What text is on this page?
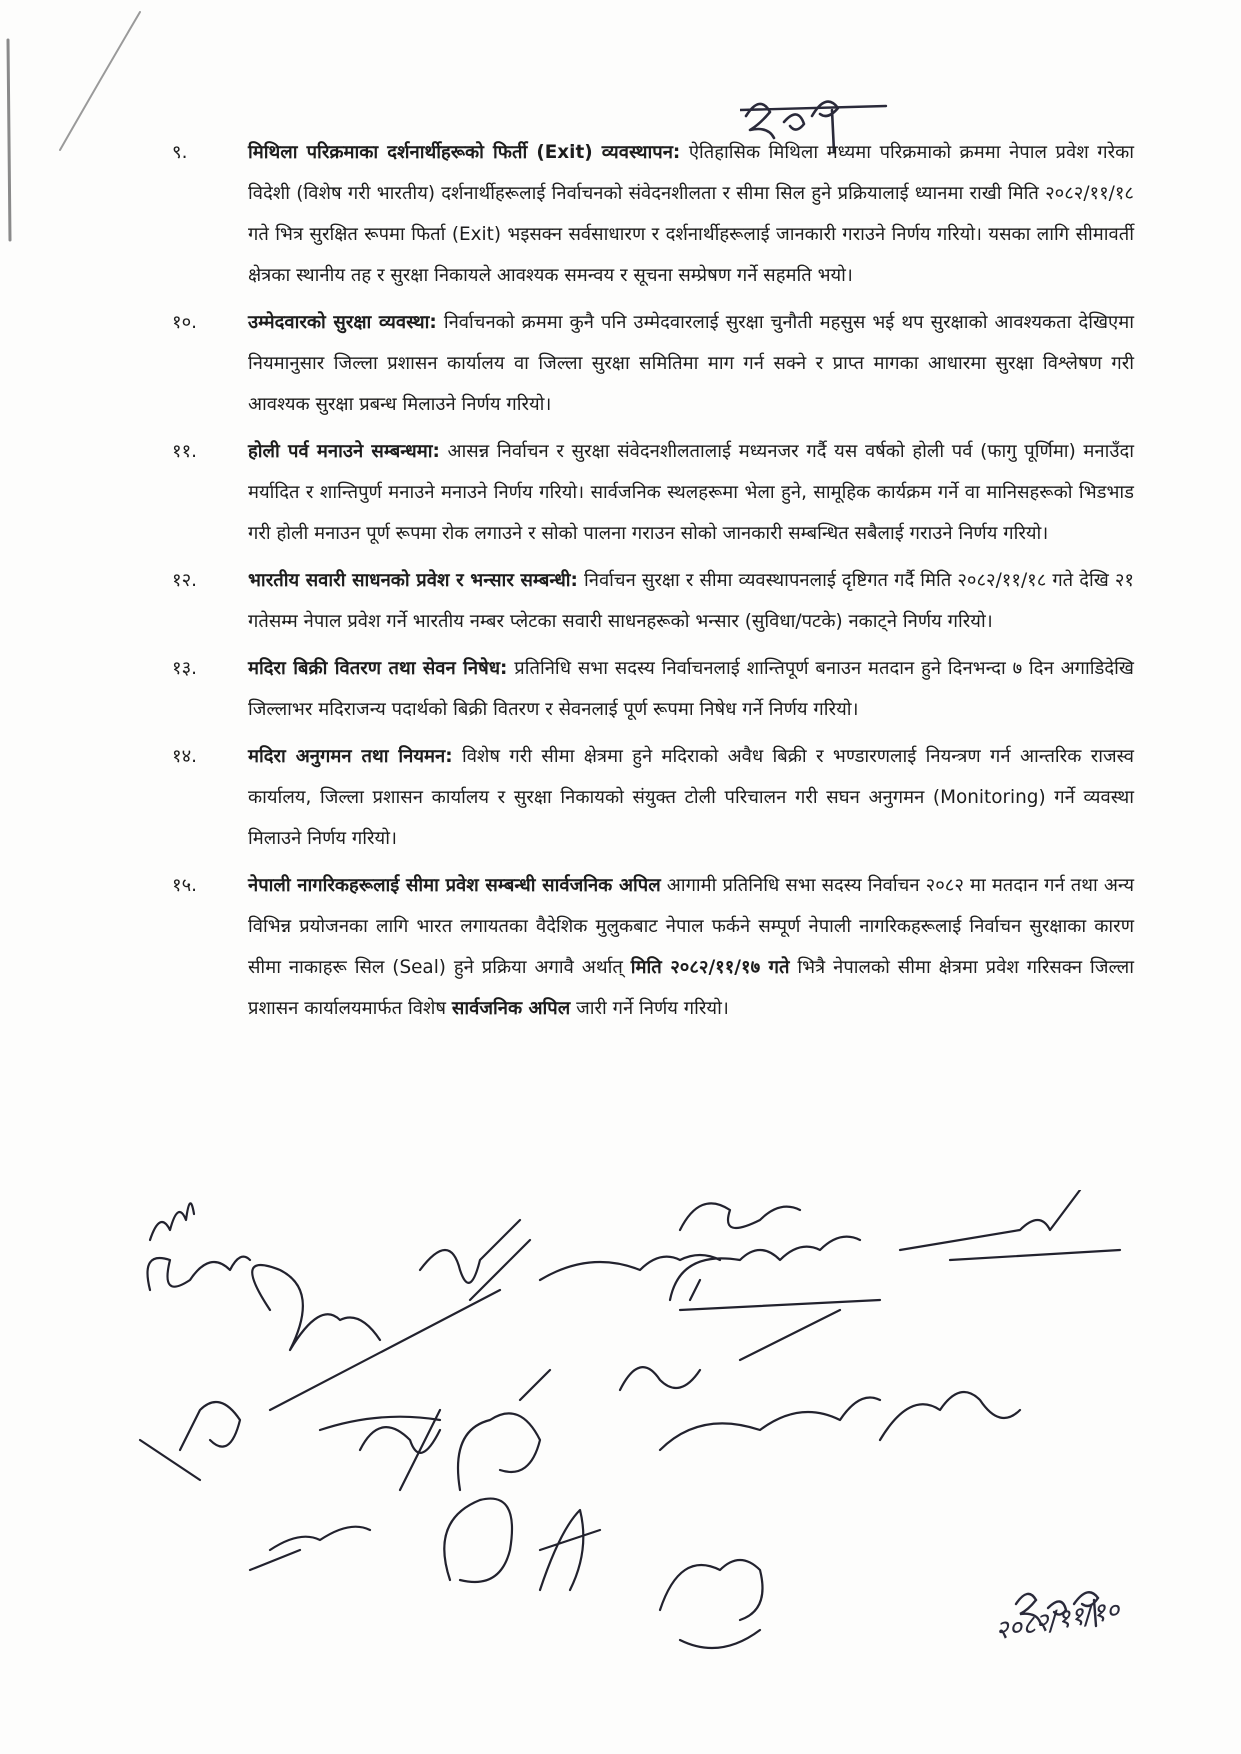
९.	मिथिला परिक्रमाका दर्शनार्थीहरूको फिर्ती (Exit) व्यवस्थापन: ऐतिहासिक मिथिला मध्यमा परिक्रमाको क्रममा नेपाल प्रवेश गरेका विदेशी (विशेष गरी भारतीय) दर्शनार्थीहरूलाई निर्वाचनको संवेदनशीलता र सीमा सिल हुने प्रक्रियालाई ध्यानमा राखी मिति २०८२/११/१८ गते भित्र सुरक्षित रूपमा फिर्ता (Exit) भइसक्न सर्वसाधारण र दर्शनार्थीहरूलाई जानकारी गराउने निर्णय गरियो। यसका लागि सीमावर्ती क्षेत्रका स्थानीय तह र सुरक्षा निकायले आवश्यक समन्वय र सूचना सम्प्रेषण गर्ने सहमति भयो।
१०.	उम्मेदवारको सुरक्षा व्यवस्था: निर्वाचनको क्रममा कुनै पनि उम्मेदवारलाई सुरक्षा चुनौती महसुस भई थप सुरक्षाको आवश्यकता देखिएमा नियमानुसार जिल्ला प्रशासन कार्यालय वा जिल्ला सुरक्षा समितिमा माग गर्न सक्ने र प्राप्त मागका आधारमा सुरक्षा विश्लेषण गरी आवश्यक सुरक्षा प्रबन्ध मिलाउने निर्णय गरियो।
११.	होली पर्व मनाउने सम्बन्धमा: आसन्न निर्वाचन र सुरक्षा संवेदनशीलतालाई मध्यनजर गर्दै यस वर्षको होली पर्व (फागु पूर्णिमा) मनाउँदा मर्यादित र शान्तिपुर्ण मनाउने मनाउने निर्णय गरियो। सार्वजनिक स्थलहरूमा भेला हुने, सामूहिक कार्यक्रम गर्ने वा मानिसहरूको भिडभाड गरी होली मनाउन पूर्ण रूपमा रोक लगाउने र सोको पालना गराउन सोको जानकारी सम्बन्धित सबैलाई गराउने निर्णय गरियो।
१२.	भारतीय सवारी साधनको प्रवेश र भन्सार सम्बन्धी: निर्वाचन सुरक्षा र सीमा व्यवस्थापनलाई दृष्टिगत गर्दै मिति २०८२/११/१८ गते देखि २१ गतेसम्म नेपाल प्रवेश गर्ने भारतीय नम्बर प्लेटका सवारी साधनहरूको भन्सार (सुविधा/पटके) नकाट्ने निर्णय गरियो।
१३.	मदिरा बिक्री वितरण तथा सेवन निषेध: प्रतिनिधि सभा सदस्य निर्वाचनलाई शान्तिपूर्ण बनाउन मतदान हुने दिनभन्दा ७ दिन अगाडिदेखि जिल्लाभर मदिराजन्य पदार्थको बिक्री वितरण र सेवनलाई पूर्ण रूपमा निषेध गर्ने निर्णय गरियो।
१४.	मदिरा अनुगमन तथा नियमन: विशेष गरी सीमा क्षेत्रमा हुने मदिराको अवैध बिक्री र भण्डारणलाई नियन्त्रण गर्न आन्तरिक राजस्व कार्यालय, जिल्ला प्रशासन कार्यालय र सुरक्षा निकायको संयुक्त टोली परिचालन गरी सघन अनुगमन (Monitoring) गर्ने व्यवस्था मिलाउने निर्णय गरियो।
१५.	नेपाली नागरिकहरूलाई सीमा प्रवेश सम्बन्धी सार्वजनिक अपिल आगामी प्रतिनिधि सभा सदस्य निर्वाचन २०८२ मा मतदान गर्न तथा अन्य विभिन्न प्रयोजनका लागि भारत लगायतका वैदेशिक मुलुकबाट नेपाल फर्कने सम्पूर्ण नेपाली नागरिकहरूलाई निर्वाचन सुरक्षाका कारण सीमा नाकाहरू सिल (Seal) हुने प्रक्रिया अगावै अर्थात् मिति २०८२/११/१७ गते भित्रै नेपालको सीमा क्षेत्रमा प्रवेश गरिसक्न जिल्ला प्रशासन कार्यालयमार्फत विशेष सार्वजनिक अपिल जारी गर्ने निर्णय गरियो।
२०८२/११/१०
